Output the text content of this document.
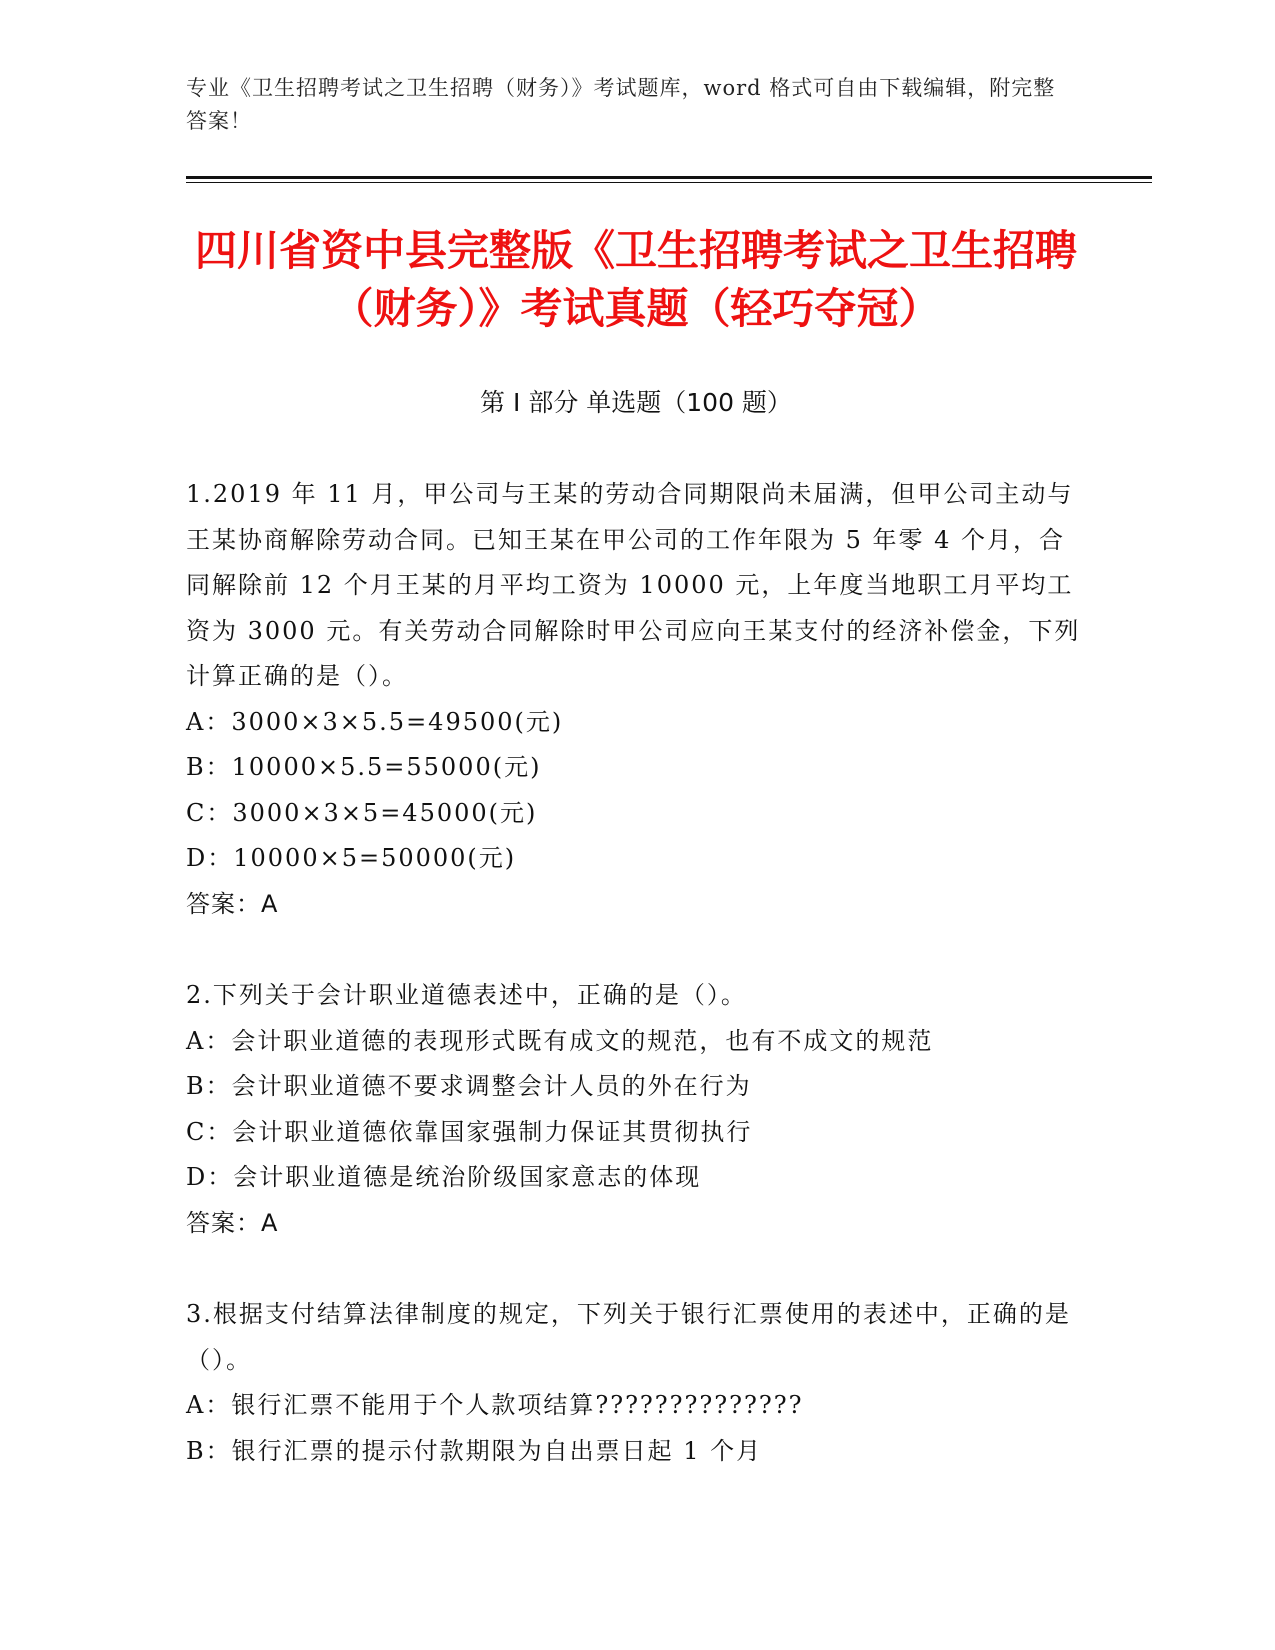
专业《卫生招聘考试之卫生招聘（财务）》考试题库，word 格式可自由下载编辑，附完整答案！
四川省资中县完整版《卫生招聘考试之卫生招聘（财务）》考试真题（轻巧夺冠）
第 I 部分 单选题（100 题）
1.2019 年 11 月，甲公司与王某的劳动合同期限尚未届满，但甲公司主动与王某协商解除劳动合同。已知王某在甲公司的工作年限为 5 年零 4 个月，合同解除前 12 个月王某的月平均工资为 10000 元，上年度当地职工月平均工资为 3000 元。有关劳动合同解除时甲公司应向王某支付的经济补偿金，下列计算正确的是（）。
A：3000×3×5.5=49500(元)
B：10000×5.5=55000(元)
C：3000×3×5=45000(元)
D：10000×5=50000(元)
答案：A
2.下列关于会计职业道德表述中，正确的是（）。
A：会计职业道德的表现形式既有成文的规范，也有不成文的规范
B：会计职业道德不要求调整会计人员的外在行为
C：会计职业道德依靠国家强制力保证其贯彻执行
D：会计职业道德是统治阶级国家意志的体现
答案：A
3.根据支付结算法律制度的规定，下列关于银行汇票使用的表述中，正确的是（）。
A：银行汇票不能用于个人款项结算??????????????
B：银行汇票的提示付款期限为自出票日起 1 个月
